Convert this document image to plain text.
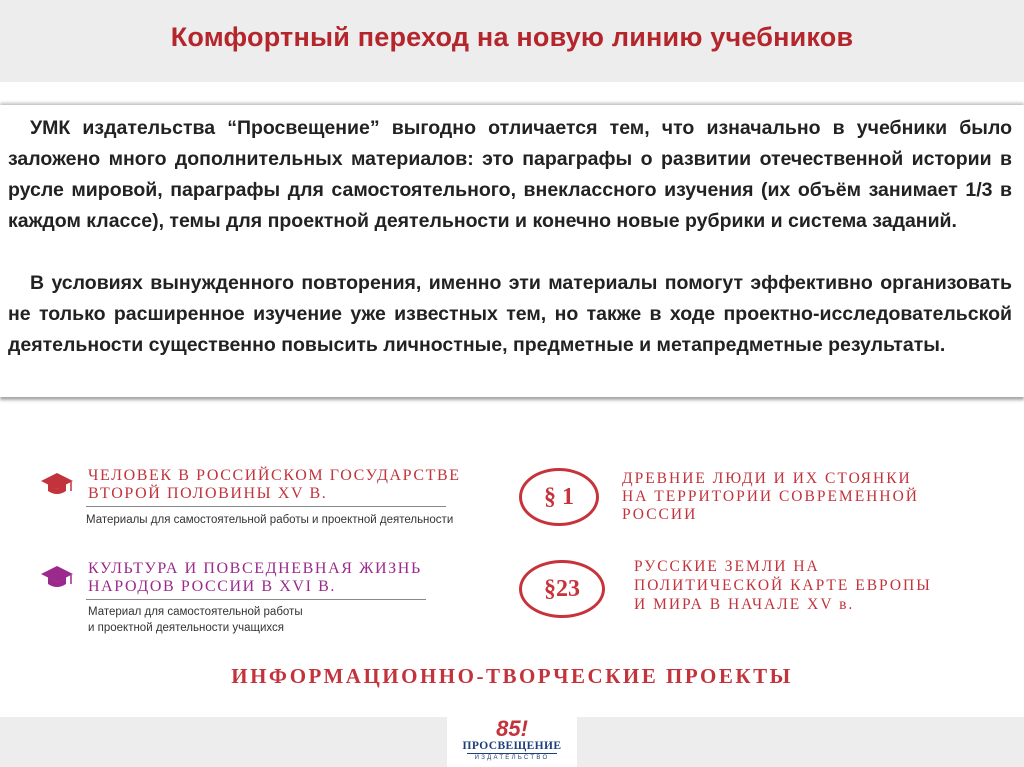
Комфортный переход на новую линию учебников

УМК издательства “Просвещение” выгодно отличается тем, что изначально в учебники было заложено много дополнительных материалов: это параграфы о развитии отечественной истории в русле мировой, параграфы для самостоятельного, внеклассного изучения (их объём занимает 1/3 в каждом классе), темы для проектной деятельности и конечно новые рубрики и система заданий.

В условиях вынужденного повторения, именно эти материалы помогут эффективно организовать не только расширенное изучение уже известных тем, но также в ходе проектно-исследовательской деятельности существенно повысить личностные, предметные и метапредметные результаты.

ЧЕЛОВЕК В РОССИЙСКОМ ГОСУДАРСТВЕ
ВТОРОЙ ПОЛОВИНЫ XV В.
Материалы для самостоятельной работы и проектной деятельности
КУЛЬТУРА И ПОВСЕДНЕВНАЯ ЖИЗНЬ
НАРОДОВ РОССИИ В XVI В.
Материал для самостоятельной работы
и проектной деятельности учащихся
§ 1
ДРЕВНИЕ ЛЮДИ И ИХ СТОЯНКИ
НА ТЕРРИТОРИИ СОВРЕМЕННОЙ
РОССИИ
§23
РУССКИЕ ЗЕМЛИ НА
ПОЛИТИЧЕСКОЙ КАРТЕ ЕВРОПЫ
И МИРА В НАЧАЛЕ XV в.
ИНФОРМАЦИОННО-ТВОРЧЕСКИЕ ПРОЕКТЫ
85!
ПРОСВЕЩЕНИЕ
ИЗДАТЕЛЬСТВО
